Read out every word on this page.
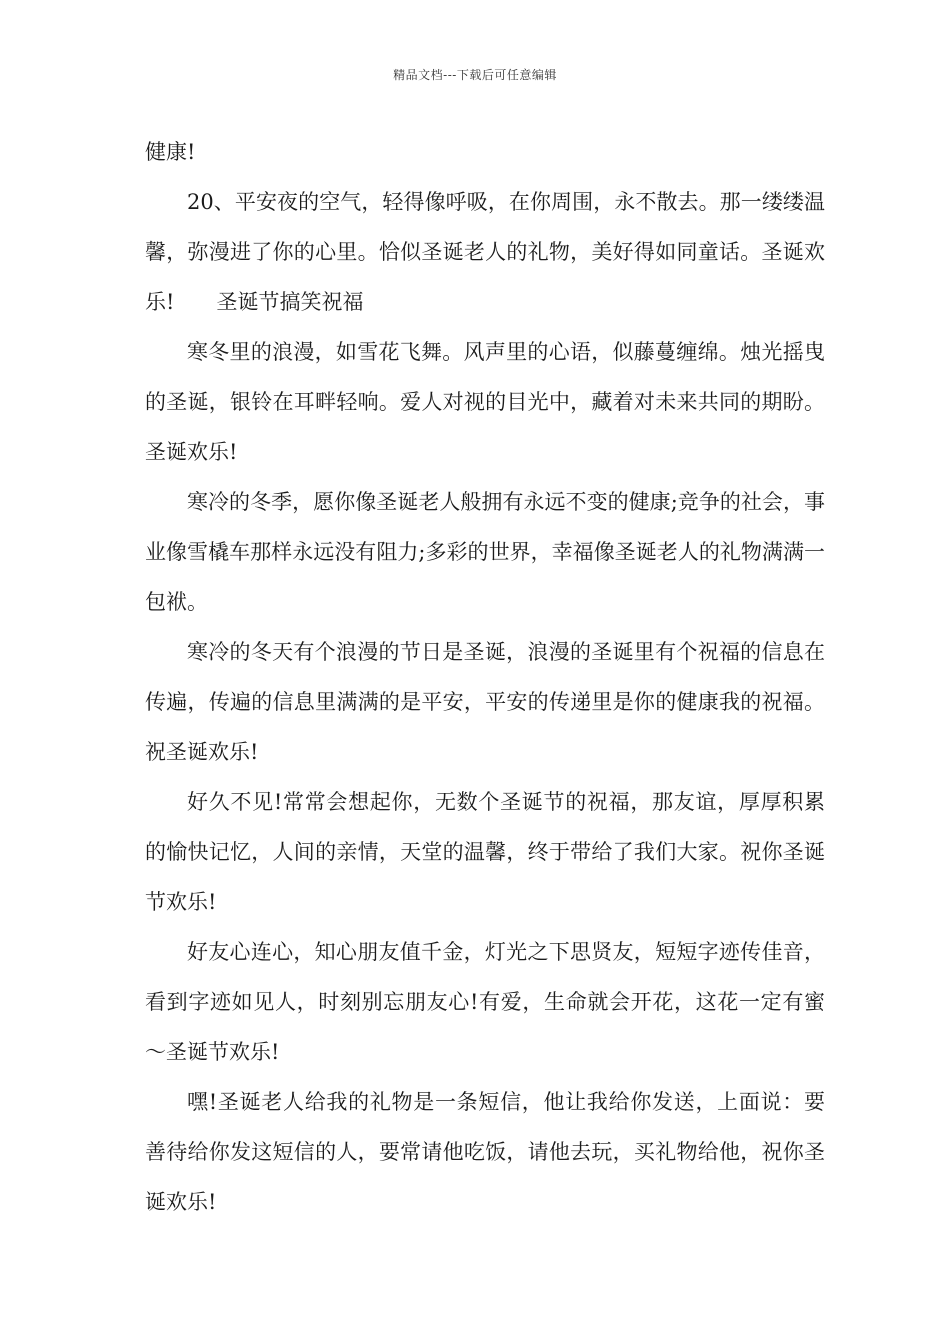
精品文档---下载后可任意编辑

健康!

20、平安夜的空气，轻得像呼吸，在你周围，永不散去。那一缕缕温馨，弥漫进了你的心里。恰似圣诞老人的礼物，美好得如同童话。圣诞欢乐! 圣诞节搞笑祝福

寒冬里的浪漫，如雪花飞舞。风声里的心语，似藤蔓缠绵。烛光摇曳的圣诞，银铃在耳畔轻响。爱人对视的目光中，藏着对未来共同的期盼。圣诞欢乐!

寒冷的冬季，愿你像圣诞老人般拥有永远不变的健康;竞争的社会，事业像雪橇车那样永远没有阻力;多彩的世界，幸福像圣诞老人的礼物满满一包袱。

寒冷的冬天有个浪漫的节日是圣诞，浪漫的圣诞里有个祝福的信息在传遍，传遍的信息里满满的是平安，平安的传递里是你的健康我的祝福。祝圣诞欢乐!

好久不见!常常会想起你，无数个圣诞节的祝福，那友谊，厚厚积累的愉快记忆，人间的亲情，天堂的温馨，终于带给了我们大家。祝你圣诞节欢乐!

好友心连心，知心朋友值千金，灯光之下思贤友，短短字迹传佳音，看到字迹如见人，时刻别忘朋友心!有爱，生命就会开花，这花一定有蜜～圣诞节欢乐!

嘿!圣诞老人给我的礼物是一条短信，他让我给你发送，上面说：要善待给你发这短信的人，要常请他吃饭，请他去玩，买礼物给他，祝你圣诞欢乐!
